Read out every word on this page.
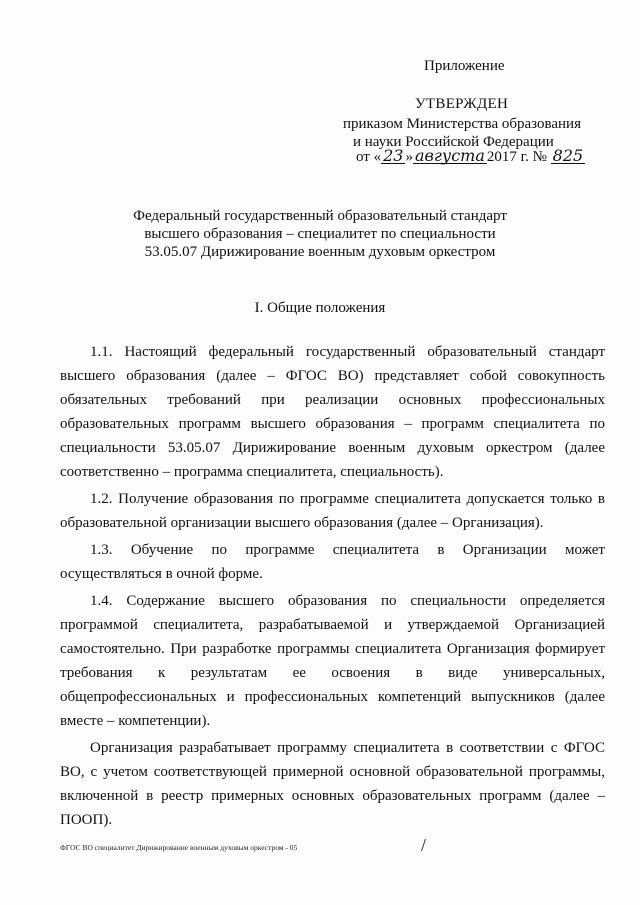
Приложение
УТВЕРЖДЕН
приказом Министерства образования
и науки Российской Федерации
от « 23 » августа 2017 г. № 825
Федеральный государственный образовательный стандарт
высшего образования – специалитет по специальности
53.05.07 Дирижирование военным духовым оркестром
I. Общие положения

1.1. Настоящий федеральный государственный образовательный стандарт высшего образования (далее – ФГОС ВО) представляет собой совокупность обязательных требований при реализации основных профессиональных образовательных программ высшего образования – программ специалитета по специальности 53.05.07 Дирижирование военным духовым оркестром (далее соответственно – программа специалитета, специальность).

1.2. Получение образования по программе специалитета допускается только в образовательной организации высшего образования (далее – Организация).

1.3. Обучение по программе специалитета в Организации может осуществляться в очной форме.

1.4. Содержание высшего образования по специальности определяется программой специалитета, разрабатываемой и утверждаемой Организацией самостоятельно. При разработке программы специалитета Организация формирует требования к результатам ее освоения в виде универсальных, общепрофессиональных и профессиональных компетенций выпускников (далее вместе – компетенции).

Организация разрабатывает программу специалитета в соответствии с ФГОС ВО, с учетом соответствующей примерной основной образовательной программы, включенной в реестр примерных основных образовательных программ (далее – ПООП).

ФГОС ВО специалитет Дирижирование военным духовым оркестром - 05
